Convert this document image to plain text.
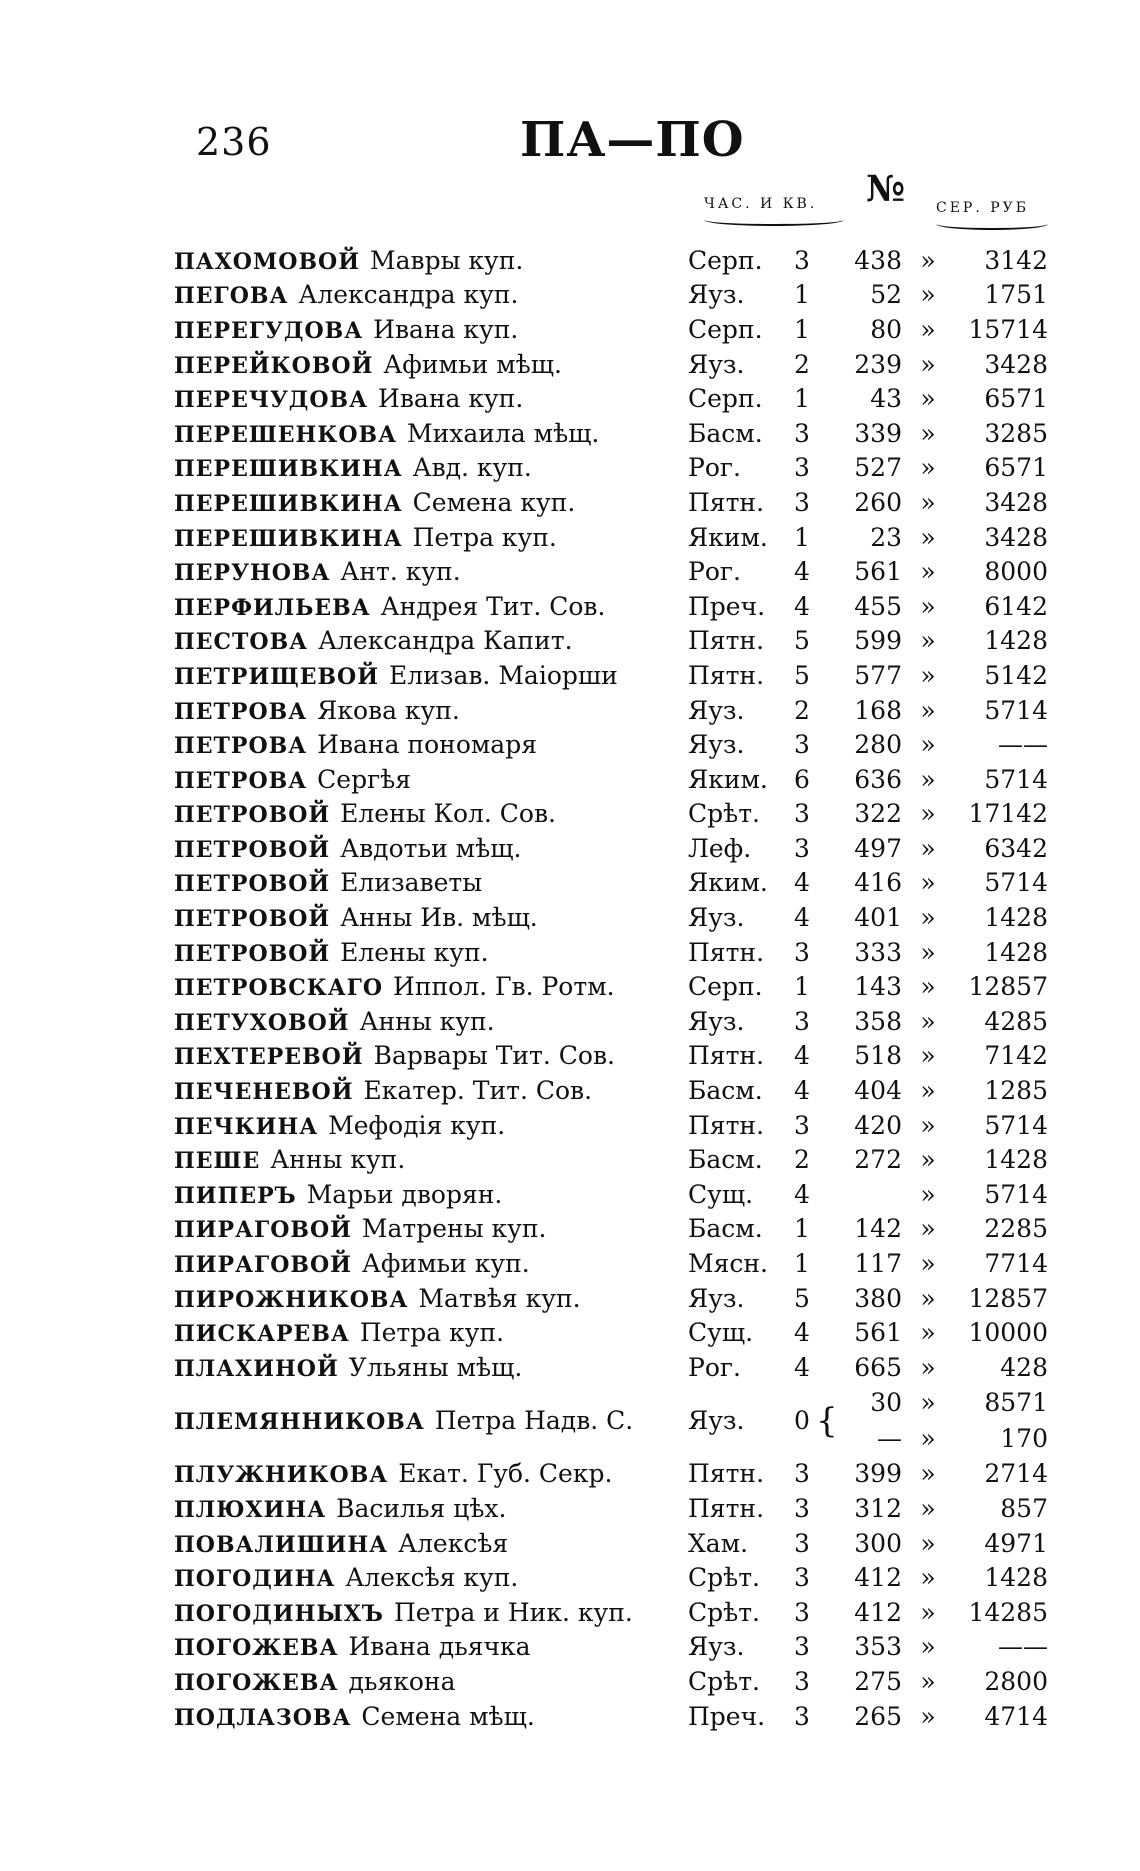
236	ПА—ПО
ЧАС. И КВ.	№	СЕР. РУБ
ПАХОМОВОЙ Мавры куп.	Серп.	3	438 »	3142
ПЕГОВА Александра куп.	Яуз.	1	52 »	1751
ПЕРЕГУДОВА Ивана куп.	Серп.	1	80 »	15714
ПЕРЕЙКОВОЙ Афимьи мѣщ.	Яуз.	2	239 »	3428
ПЕРЕЧУДОВА Ивана куп.	Серп.	1	43 »	6571
ПЕРЕШЕНКОВА Михаила мѣщ.	Басм.	3	339 »	3285
ПЕРЕШИВКИНА Авд. куп.	Рог.	3	527 »	6571
ПЕРЕШИВКИНА Семена куп.	Пятн.	3	260 »	3428
ПЕРЕШИВКИНА Петра куп.	Яким.	1	23 »	3428
ПЕРУНОВА Ант. куп.	Рог.	4	561 »	8000
ПЕРФИЛЬЕВА Андрея Тит. Сов.	Преч.	4	455 »	6142
ПЕСТОВА Александра Капит.	Пятн.	5	599 »	1428
ПЕТРИЩЕВОЙ Елизав. Маiорши	Пятн.	5	577 »	5142
ПЕТРОВА Якова куп.	Яуз.	2	168 »	5714
ПЕТРОВА Ивана пономаря	Яуз.	3	280 »	——
ПЕТРОВА Сергѣя	Яким.	6	636 »	5714
ПЕТРОВОЙ Елены Кол. Сов.	Срѣт.	3	322 »	17142
ПЕТРОВОЙ Авдотьи мѣщ.	Леф.	3	497 »	6342
ПЕТРОВОЙ Елизаветы	Яким.	4	416 »	5714
ПЕТРОВОЙ Анны Ив. мѣщ.	Яуз.	4	401 »	1428
ПЕТРОВОЙ Елены куп.	Пятн.	3	333 »	1428
ПЕТРОВСКАГО Иппол. Гв. Ротм.	Серп.	1	143 »	12857
ПЕТУХОВОЙ Анны куп.	Яуз.	3	358 »	4285
ПЕХТЕРЕВОЙ Варвары Тит. Сов.	Пятн.	4	518 »	7142
ПЕЧЕНЕВОЙ Екатер. Тит. Сов.	Басм.	4	404 »	1285
ПЕЧКИНА Мефодія куп.	Пятн.	3	420 »	5714
ПЕШЕ Анны куп.	Басм.	2	272 »	1428
ПИПЕРЪ Марьи дворян.	Сущ.	4	»	5714
ПИРАГОВОЙ Матрены куп.	Басм.	1	142 »	2285
ПИРАГОВОЙ Афимьи куп.	Мясн.	1	117 »	7714
ПИРОЖНИКОВА Матвѣя куп.	Яуз.	5	380 »	12857
ПИСКАРЕВА Петра куп.	Сущ.	4	561 »	10000
ПЛАХИНОЙ Ульяны мѣщ.	Рог.	4	665 »	428
ПЛЕМЯННИКОВА Петра Надв. С.	Яуз.	0 {	30 »	8571
— »	170
ПЛУЖНИКОВА Екат. Губ. Секр.	Пятн.	3	399 »	2714
ПЛЮХИНА Василья цѣх.	Пятн.	3	312 »	857
ПОВАЛИШИНА Алексѣя	Хам.	3	300 »	4971
ПОГОДИНА Алексѣя куп.	Срѣт.	3	412 »	1428
ПОГОДИНЫХЪ Петра и Ник. куп.	Срѣт.	3	412 »	14285
ПОГОЖЕВА Ивана дьячка	Яуз.	3	353 »	——
ПОГОЖЕВА дьякона	Срѣт.	3	275 »	2800
ПОДЛАЗОВА Семена мѣщ.	Преч.	3	265 »	4714
